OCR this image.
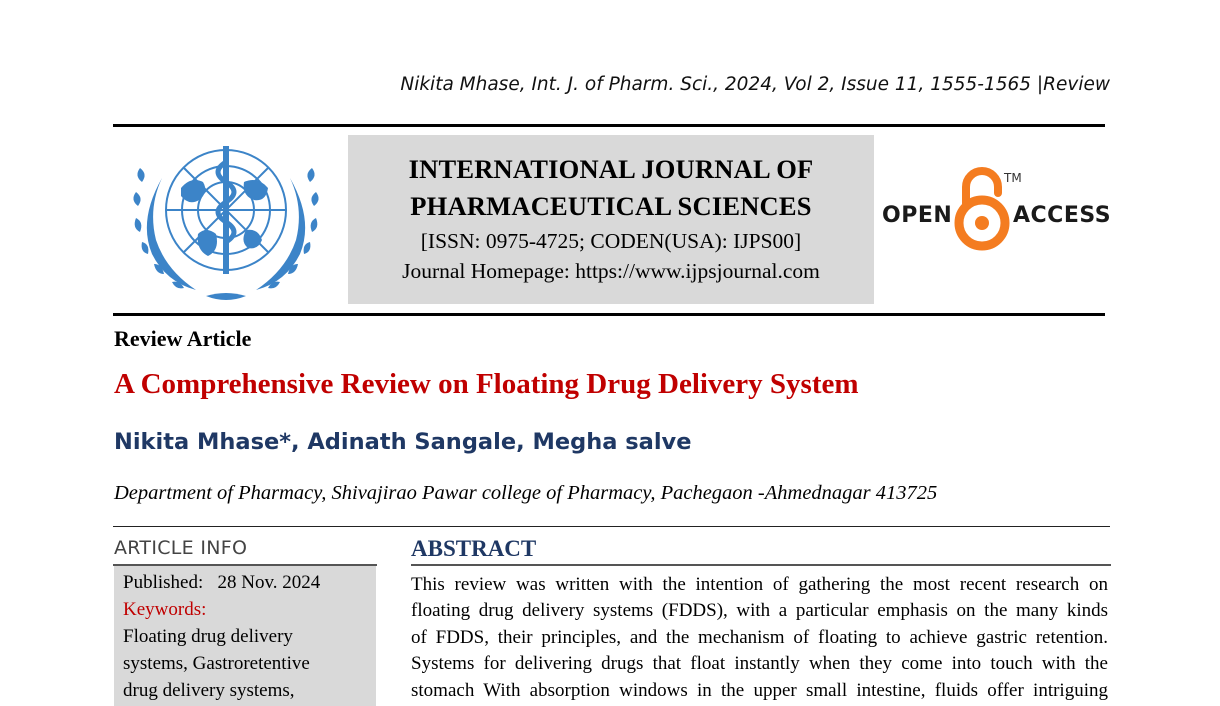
Nikita Mhase, Int. J. of Pharm. Sci., 2024, Vol 2, Issue 11, 1555-1565 |Review
INTERNATIONAL JOURNAL OF
PHARMACEUTICAL SCIENCES
[ISSN: 0975-4725; CODEN(USA): IJPS00]
Journal Homepage: https://www.ijpsjournal.com
OPEN
TM
ACCESS
Review Article
A Comprehensive Review on Floating Drug Delivery System
Nikita Mhase*, Adinath Sangale, Megha salve
Department of Pharmacy, Shivajirao Pawar college of Pharmacy, Pachegaon -Ahmednagar 413725
ARTICLE INFO
Published: 28 Nov. 2024
Keywords:
Floating drug delivery
systems, Gastroretentive
drug delivery systems,
ABSTRACT
This review was written with the intention of gathering the most recent research on
floating drug delivery systems (FDDS), with a particular emphasis on the many kinds
of FDDS, their principles, and the mechanism of floating to achieve gastric retention.
Systems for delivering drugs that float instantly when they come into touch with the
stomach With absorption windows in the upper small intestine, fluids offer intriguing
